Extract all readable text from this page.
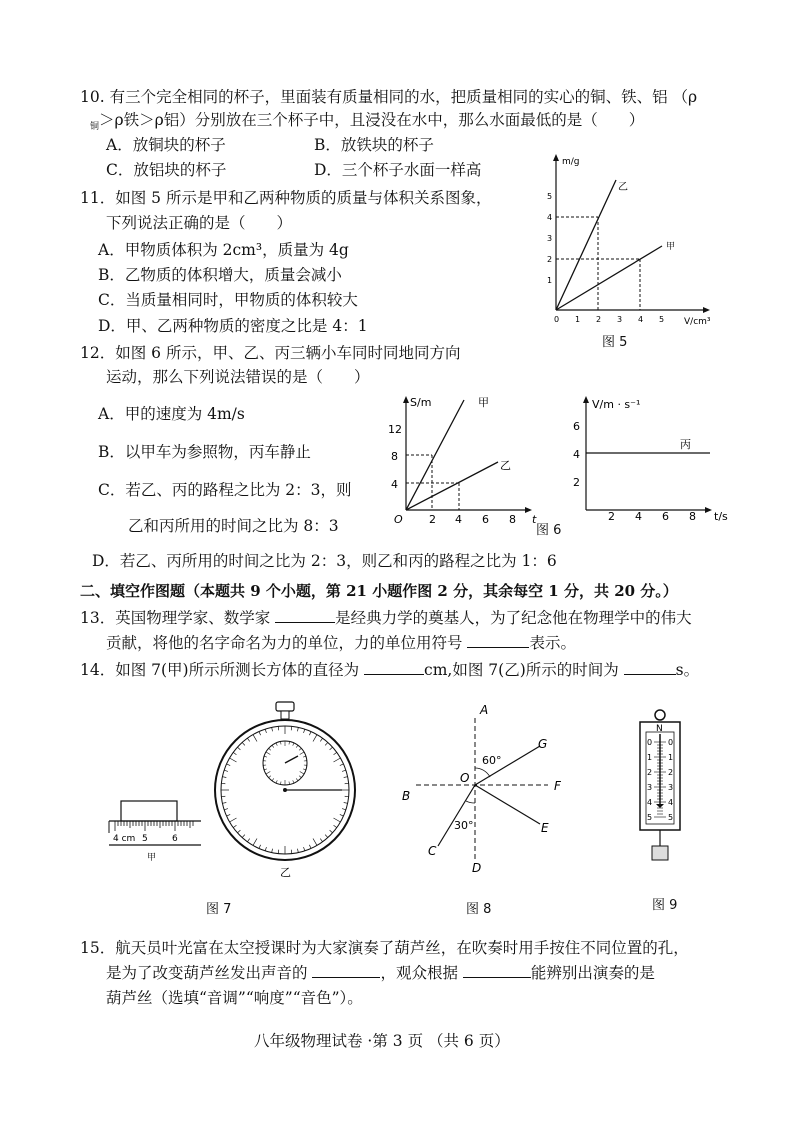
10. 有三个完全相同的杯子，里面装有质量相同的水，把质量相同的实心的铜、铁、铝 （ρ
$_铜$＞ρ铁＞ρ铝）分别放在三个杯子中，且浸没在水中，那么水面最低的是（　　）
A．放铜块的杯子	B．放铁块的杯子
C．放铝块的杯子	D．三个杯子水面一样高
11．如图 5 所示是甲和乙两种物质的质量与体积关系图象，
下列说法正确的是（　　）
A．甲物质体积为 2cm³，质量为 4g
B．乙物质的体积增大，质量会减小
C．当质量相同时，甲物质的体积较大
D．甲、乙两种物质的密度之比是 4：1
m/g
V/cm³
1
2
3
4
5
0 1 2 3 4 5
乙
甲
图 5
12．如图 6 所示，甲、乙、丙三辆小车同时同地同方向
运动，那么下列说法错误的是（　　）
A．甲的速度为 4m/s
B．以甲车为参照物，丙车静止
C．若乙、丙的路程之比为 2：3，则
乙和丙所用的时间之比为 8：3
S/m
t
O
4
8
12
2 4 6 8
甲
乙
V/m · s⁻¹
t/s
2
4
6
2 4 6 8
丙
图 6
D．若乙、丙所用的时间之比为 2：3，则乙和丙的路程之比为 1：6
二、填空作图题（本题共 9 个小题，第 21 小题作图 2 分，其余每空 1 分，共 20 分。）
13．英国物理学家、数学家	是经典力学的奠基人，为了纪念他在物理学中的伟大
贡献，将他的名字命名为力的单位，力的单位用符号	表示。
14．如图 7(甲)所示所测长方体的直径为	cm,如图 7(乙)所示的时间为	s。
4 cm 5	6
甲
乙
图 7
A
B
C
D
E
F
G
O
60°
30°
图 8
N
0
1
2
3
4
5
0
1
2
3
4
5
图 9
15．航天员叶光富在太空授课时为大家演奏了葫芦丝，在吹奏时用手按住不同位置的孔，
是为了改变葫芦丝发出声音的	，观众根据	能辨别出演奏的是
葫芦丝（选填“音调”“响度”“音色”）。
八年级物理试卷 ·第 3 页 （共 6 页）
